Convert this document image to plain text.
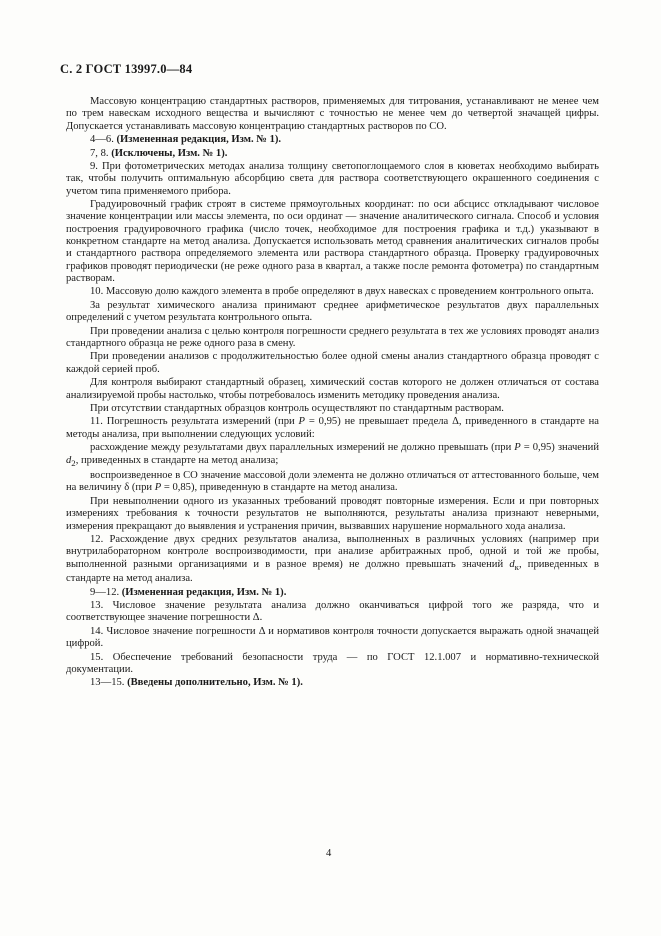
С. 2 ГОСТ 13997.0—84

Массовую концентрацию стандартных растворов, применяемых для титрования, устанавливают не менее чем по трем навескам исходного вещества и вычисляют с точностью не менее чем до четвертой значащей цифры. Допускается устанавливать массовую концентрацию стандартных растворов по СО.

4—6. (Измененная редакция, Изм. № 1).

7, 8. (Исключены, Изм. № 1).

9. При фотометрических методах анализа толщину светопоглощаемого слоя в кюветах необходимо выбирать так, чтобы получить оптимальную абсорбцию света для раствора соответствующего окрашенного соединения с учетом типа применяемого прибора.

Градуировочный график строят в системе прямоугольных координат: по оси абсцисс откладывают числовое значение концентрации или массы элемента, по оси ординат — значение аналитического сигнала. Способ и условия построения градуировочного графика (число точек, необходимое для построения графика и т.д.) указывают в конкретном стандарте на метод анализа. Допускается использовать метод сравнения аналитических сигналов пробы и стандартного раствора определяемого элемента или раствора стандартного образца. Проверку градуировочных графиков проводят периодически (не реже одного раза в квартал, а также после ремонта фотометра) по стандартным растворам.

10. Массовую долю каждого элемента в пробе определяют в двух навесках с проведением контрольного опыта.

За результат химического анализа принимают среднее арифметическое результатов двух параллельных определений с учетом результата контрольного опыта.

При проведении анализа с целью контроля погрешности среднего результата в тех же условиях проводят анализ стандартного образца не реже одного раза в смену.

При проведении анализов с продолжительностью более одной смены анализ стандартного образца проводят с каждой серией проб.

Для контроля выбирают стандартный образец, химический состав которого не должен отличаться от состава анализируемой пробы настолько, чтобы потребовалось изменить методику проведения анализа.

При отсутствии стандартных образцов контроль осуществляют по стандартным растворам.

11. Погрешность результата измерений (при P = 0,95) не превышает предела Δ, приведенного в стандарте на методы анализа, при выполнении следующих условий:

расхождение между результатами двух параллельных измерений не должно превышать (при P = 0,95) значений $d_2$, приведенных в стандарте на метод анализа;

воспроизведенное в СО значение массовой доли элемента не должно отличаться от аттестованного больше, чем на величину δ (при P = 0,85), приведенную в стандарте на метод анализа.

При невыполнении одного из указанных требований проводят повторные измерения. Если и при повторных измерениях требования к точности результатов не выполняются, результаты анализа признают неверными, измерения прекращают до выявления и устранения причин, вызвавших нарушение нормального хода анализа.

12. Расхождение двух средних результатов анализа, выполненных в различных условиях (например при внутрилабораторном контроле воспроизводимости, при анализе арбитражных проб, одной и той же пробы, выполненной разными организациями и в разное время) не должно превышать значений $d_к$, приведенных в стандарте на метод анализа.

9—12. (Измененная редакция, Изм. № 1).

13. Числовое значение результата анализа должно оканчиваться цифрой того же разряда, что и соответствующее значение погрешности Δ.

14. Числовое значение погрешности Δ и нормативов контроля точности допускается выражать одной значащей цифрой.

15. Обеспечение требований безопасности труда — по ГОСТ 12.1.007 и нормативно-технической документации.

13—15. (Введены дополнительно, Изм. № 1).

4
